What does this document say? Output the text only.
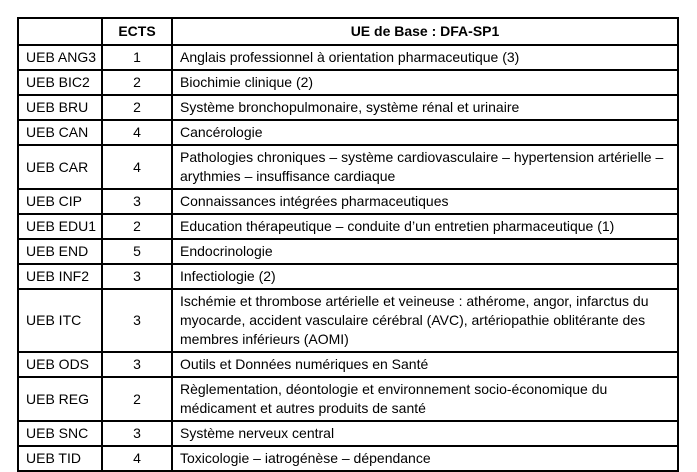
	ECTS	UE de Base : DFA-SP1
UEB ANG3	1	Anglais professionnel à orientation pharmaceutique (3)
UEB BIC2	2	Biochimie clinique (2)
UEB BRU	2	Système bronchopulmonaire, système rénal et urinaire
UEB CAN	4	Cancérologie
UEB CAR	4	Pathologies chroniques – système cardiovasculaire – hypertension artérielle – arythmies – insuffisance cardiaque
UEB CIP	3	Connaissances intégrées pharmaceutiques
UEB EDU1	2	Education thérapeutique – conduite d’un entretien pharmaceutique (1)
UEB END	5	Endocrinologie
UEB INF2	3	Infectiologie (2)
UEB ITC	3	Ischémie et thrombose artérielle et veineuse : athérome, angor, infarctus du myocarde, accident vasculaire cérébral (AVC), artériopathie oblitérante des membres inférieurs (AOMI)
UEB ODS	3	Outils et Données numériques en Santé
UEB REG	2	Règlementation, déontologie et environnement socio-économique du médicament et autres produits de santé
UEB SNC	3	Système nerveux central
UEB TID	4	Toxicologie – iatrogénèse – dépendance
